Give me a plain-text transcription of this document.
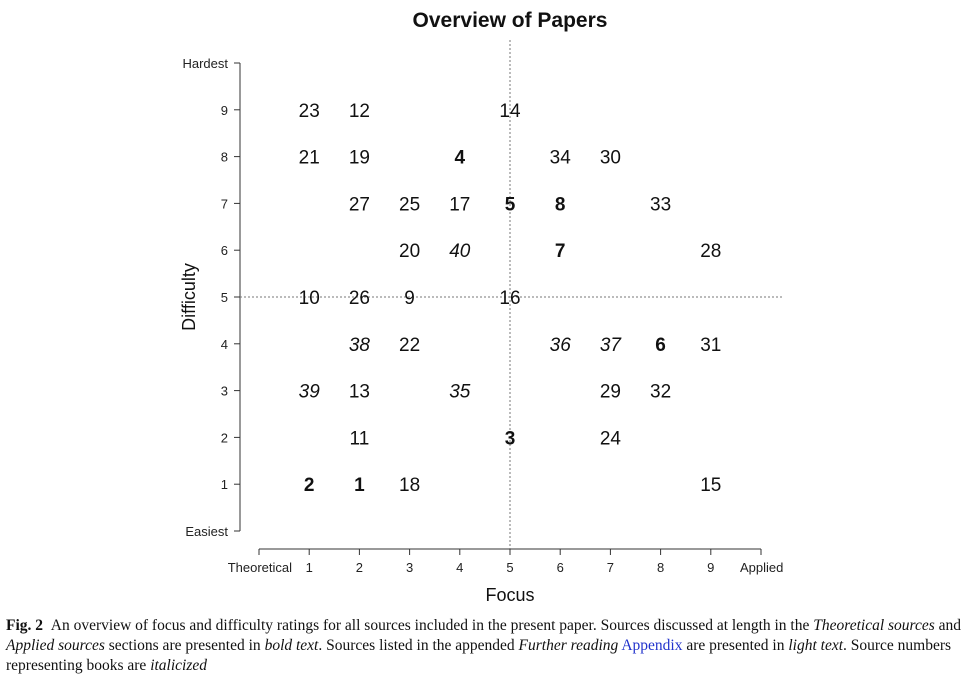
Overview of Papers
Theoretical 1	2	3	4	5	6	7	8	9 Applied
Easiest
1
2
3
4
5
6
7
8
9
Hardest
23 12	14
21 19	4	34 30
27 25 17 5 8	33
20 40	7	28
10 26 9	16
38 22	36 37 6 31
39 13	35	29 32
11	3	24
2 1 18	15
Focus
Difficulty
Fig. 2 An overview of focus and difficulty ratings for all sources included in the present paper. Sources discussed at length in the Theoretical sources and Applied sources sections are presented in bold text. Sources listed in the appended Further reading Appendix are presented in light text. Source numbers representing books are italicized
